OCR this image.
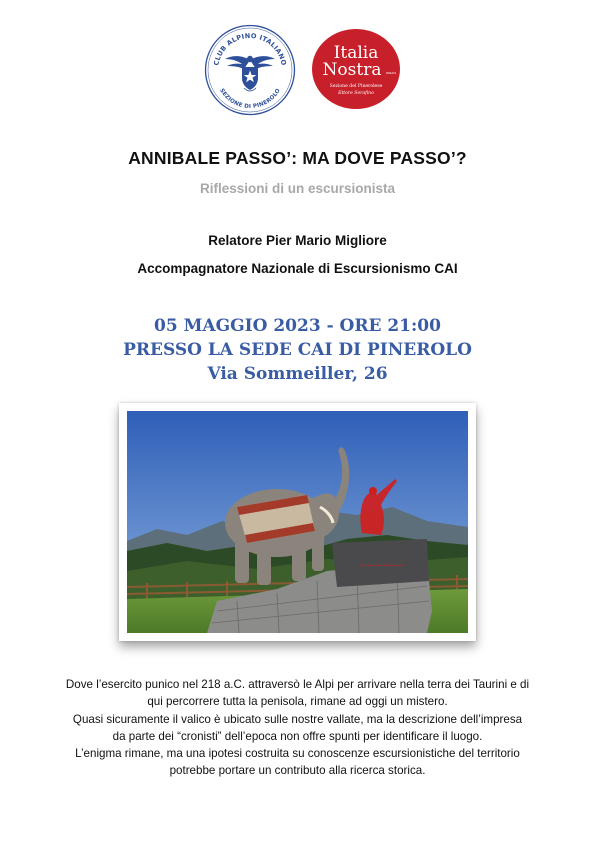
CLUB ALPINO ITALIANO
SEZIONE DI PINEROLO
Italia
Nostra ONLUS
Sezione del Pinerolese
Ettore Serafino
ANNIBALE PASSO’: MA DOVE PASSO’?
Riflessioni di un escursionista
Relatore Pier Mario Migliore
Accompagnatore Nazionale di Escursionismo CAI
05 MAGGIO 2023 - ORE 21:00
PRESSO LA SEDE CAI DI PINEROLO
Via Sommeiller, 26
~~~~~~

Dove l’esercito punico nel 218 a.C. attraversò le Alpi per arrivare nella terra dei Taurini e di

qui percorrere tutta la penisola, rimane ad oggi un mistero.

Quasi sicuramente il valico è ubicato sulle nostre vallate, ma la descrizione dell’impresa

da parte dei “cronisti” dell’epoca non offre spunti per identificare il luogo.

L’enigma rimane, ma una ipotesi costruita su conoscenze escursionistiche del territorio

potrebbe portare un contributo alla ricerca storica.
